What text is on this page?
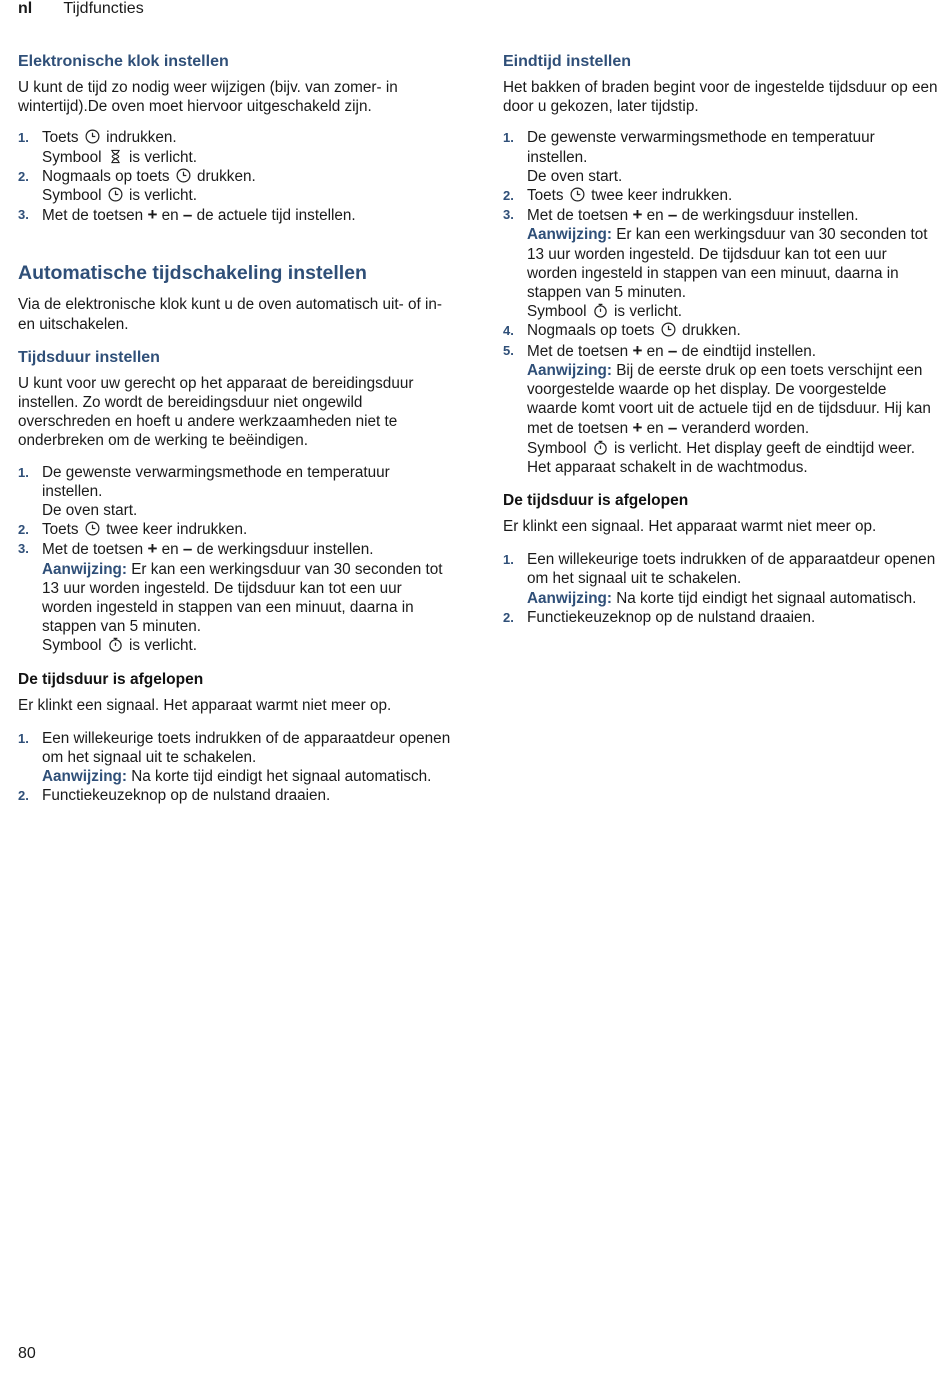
nl Tijdfuncties
Elektronische klok instellen

U kunt de tijd zo nodig weer wijzigen (bijv. van zomer- in wintertijd).De oven moet hiervoor uitgeschakeld zijn.

1. Toets indrukken.
Symbool is verlicht.
2. Nogmaals op toets drukken.
Symbool is verlicht.
3. Met de toetsen + en – de actuele tijd instellen.
Automatische tijdschakeling instellen

Via de elektronische klok kunt u de oven automatisch uit- of in- en uitschakelen.

Tijdsduur instellen

U kunt voor uw gerecht op het apparaat de bereidingsduur instellen. Zo wordt de bereidingsduur niet ongewild overschreden en hoeft u andere werkzaamheden niet te onderbreken om de werking te beëindigen.

1. De gewenste verwarmingsmethode en temperatuur instellen.
De oven start.
2. Toets twee keer indrukken.
3. Met de toetsen + en – de werkingsduur instellen.
Aanwijzing: Er kan een werkingsduur van 30 seconden tot 13 uur worden ingesteld. De tijdsduur kan tot een uur worden ingesteld in stappen van een minuut, daarna in stappen van 5 minuten.
Symbool is verlicht.
De tijdsduur is afgelopen

Er klinkt een signaal. Het apparaat warmt niet meer op.

1. Een willekeurige toets indrukken of de apparaatdeur openen om het signaal uit te schakelen.
Aanwijzing: Na korte tijd eindigt het signaal automatisch.
2. Functiekeuzeknop op de nulstand draaien.
Eindtijd instellen

Het bakken of braden begint voor de ingestelde tijdsduur op een door u gekozen, later tijdstip.

1. De gewenste verwarmingsmethode en temperatuur instellen.
De oven start.
2. Toets twee keer indrukken.
3. Met de toetsen + en – de werkingsduur instellen.
Aanwijzing: Er kan een werkingsduur van 30 seconden tot 13 uur worden ingesteld. De tijdsduur kan tot een uur worden ingesteld in stappen van een minuut, daarna in stappen van 5 minuten.
Symbool is verlicht.
4. Nogmaals op toets drukken.
5. Met de toetsen + en – de eindtijd instellen.
Aanwijzing: Bij de eerste druk op een toets verschijnt een voorgestelde waarde op het display. De voorgestelde waarde komt voort uit de actuele tijd en de tijdsduur. Hij kan met de toetsen + en – veranderd worden.
Symbool is verlicht. Het display geeft de eindtijd weer. Het apparaat schakelt in de wachtmodus.
De tijdsduur is afgelopen

Er klinkt een signaal. Het apparaat warmt niet meer op.

1. Een willekeurige toets indrukken of de apparaatdeur openen om het signaal uit te schakelen.
Aanwijzing: Na korte tijd eindigt het signaal automatisch.
2. Functiekeuzeknop op de nulstand draaien.
80
